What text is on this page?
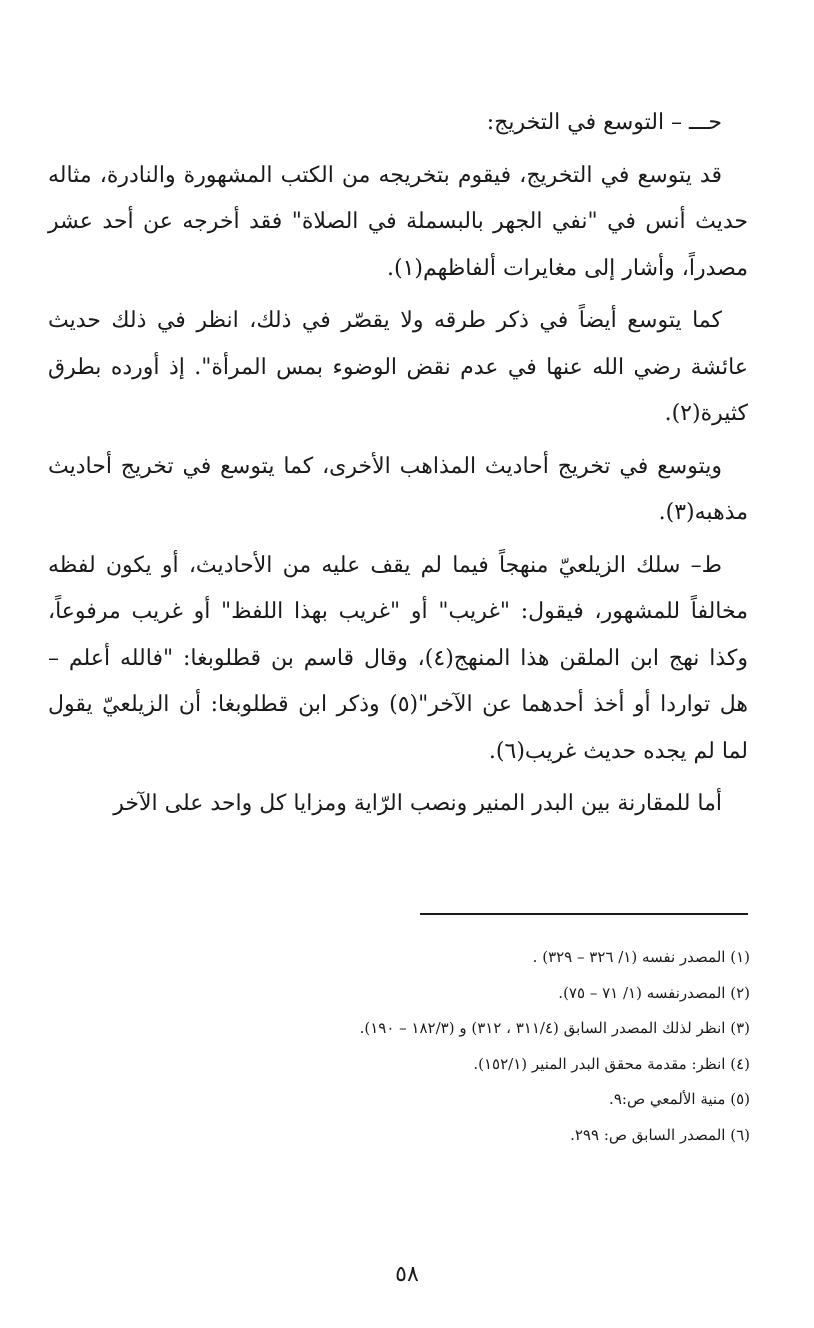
حـــ – التوسع في التخريج:

قد يتوسع في التخريج، فيقوم بتخريجه من الكتب المشهورة والنادرة، مثاله حديث أنس في "نفي الجهر بالبسملة في الصلاة" فقد أخرجه عن أحد عشر مصدراً، وأشار إلى مغايرات ألفاظهم(١).

كما يتوسع أيضاً في ذكر طرقه ولا يقصّر في ذلك، انظر في ذلك حديث عائشة رضي الله عنها في عدم نقض الوضوء بمس المرأة". إذ أورده بطرق كثيرة(٢).

ويتوسع في تخريج أحاديث المذاهب الأخرى، كما يتوسع في تخريج أحاديث مذهبه(٣).

ط– سلك الزيلعيّ منهجاً فيما لم يقف عليه من الأحاديث، أو يكون لفظه مخالفاً للمشهور، فيقول: "غريب" أو "غريب بهذا اللفظ" أو غريب مرفوعاً، وكذا نهج ابن الملقن هذا المنهج(٤)، وقال قاسم بن قطلوبغا: "فالله أعلم – هل تواردا أو أخذ أحدهما عن الآخر"(٥) وذكر ابن قطلوبغا: أن الزيلعيّ يقول لما لم يجده حديث غريب(٦).

أما للمقارنة بين البدر المنير ونصب الرّاية ومزايا كل واحد على الآخر

(١) المصدر نفسه (١/ ٣٢٦ – ٣٢٩) .
(٢) المصدرنفسه (١/ ٧١ – ٧٥).
(٣) انظر لذلك المصدر السابق (٣١١/٤ ، ٣١٢) و (١٨٢/٣ – ١٩٠).
(٤) انظر: مقدمة محقق البدر المنير (١٥٢/١).
(٥) منية الألمعي ص:٩.
(٦) المصدر السابق ص: ٢٩٩.
٥٨
